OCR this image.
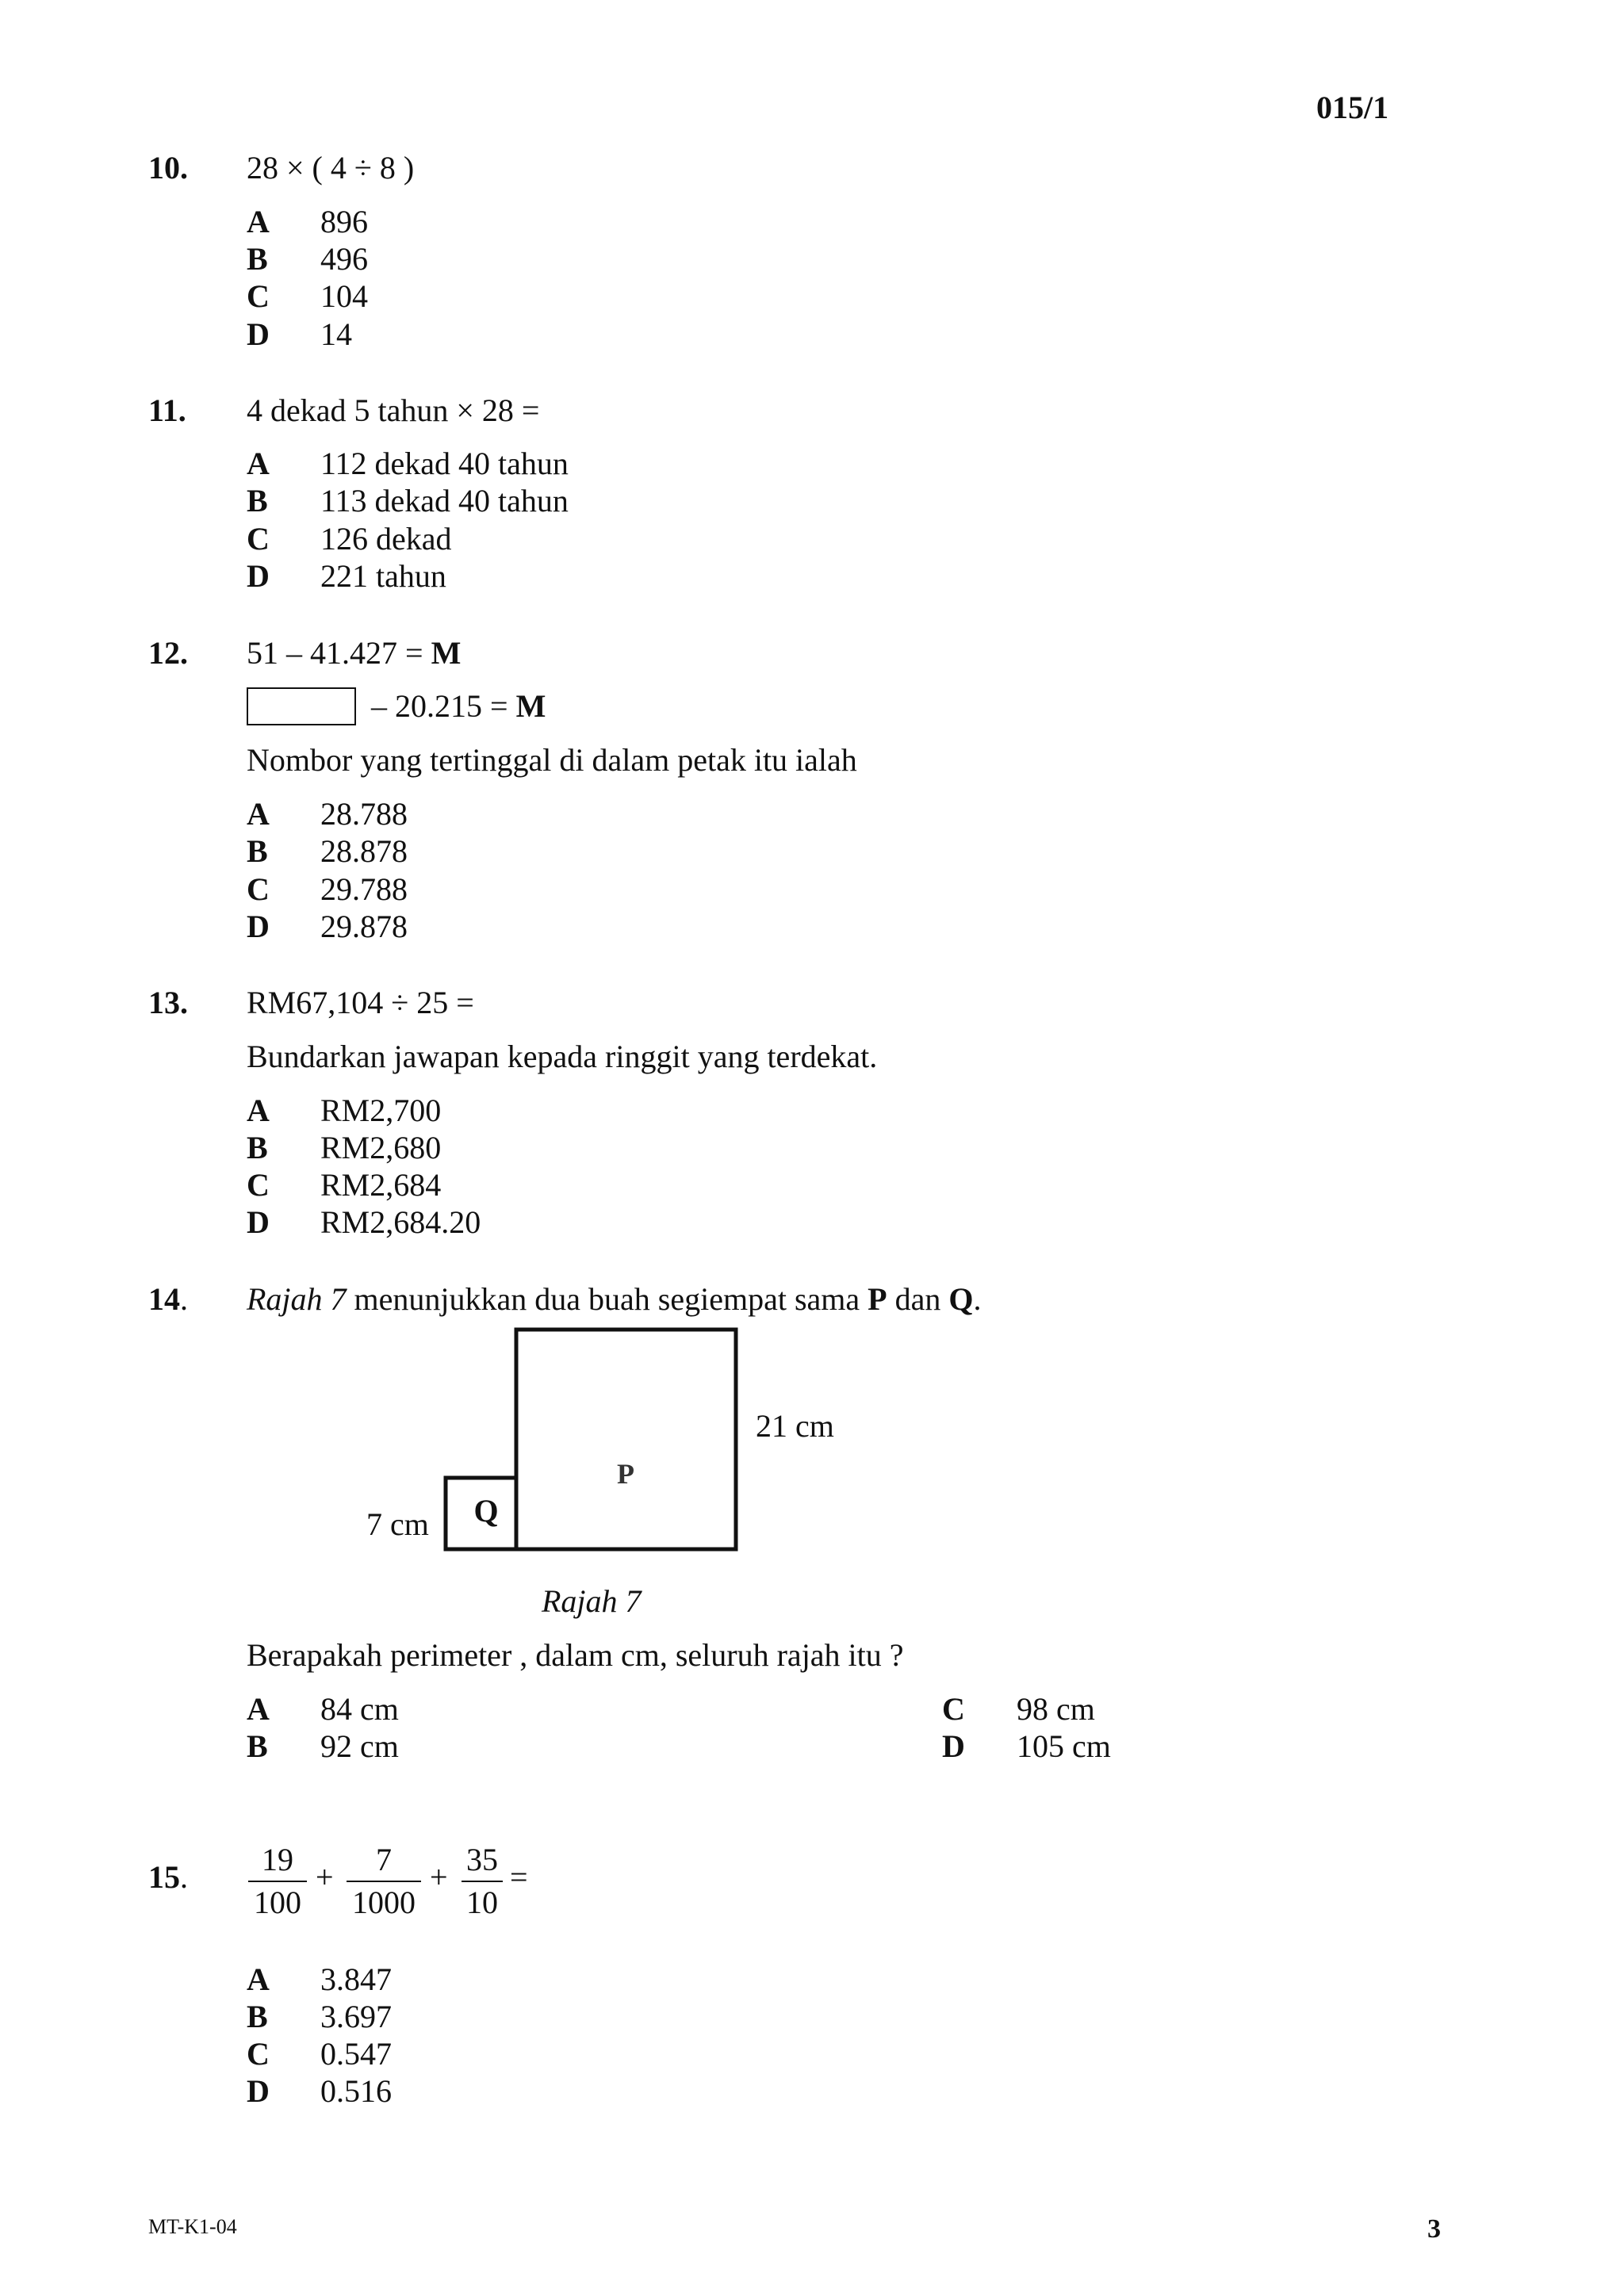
015/1
10. 28 × ( 4 ÷ 8 )
A 896
B 496
C 104
D 14
11. 4 dekad 5 tahun × 28 =
A 112 dekad 40 tahun
B 113 dekad 40 tahun
C 126 dekad
D 221 tahun
12. 51 – 41.427 = M
– 20.215 = M
Nombor yang tertinggal di dalam petak itu ialah
A 28.788
B 28.878
C 29.788
D 29.878
13. RM67,104 ÷ 25 =
Bundarkan jawapan kepada ringgit yang terdekat.
A RM2,700
B RM2,680
C RM2,684
D RM2,684.20
14. Rajah 7 menunjukkan dua buah segiempat sama P dan Q.
P
Q
21 cm
7 cm
Rajah 7
Berapakah perimeter , dalam cm, seluruh rajah itu ?
A 84 cm
B 92 cm
C 98 cm
D 105 cm
15.	19
100
+	7
1000
+ 35
10
=
A 3.847
B 3.697
C 0.547
D 0.516
MT-K1-04	3
